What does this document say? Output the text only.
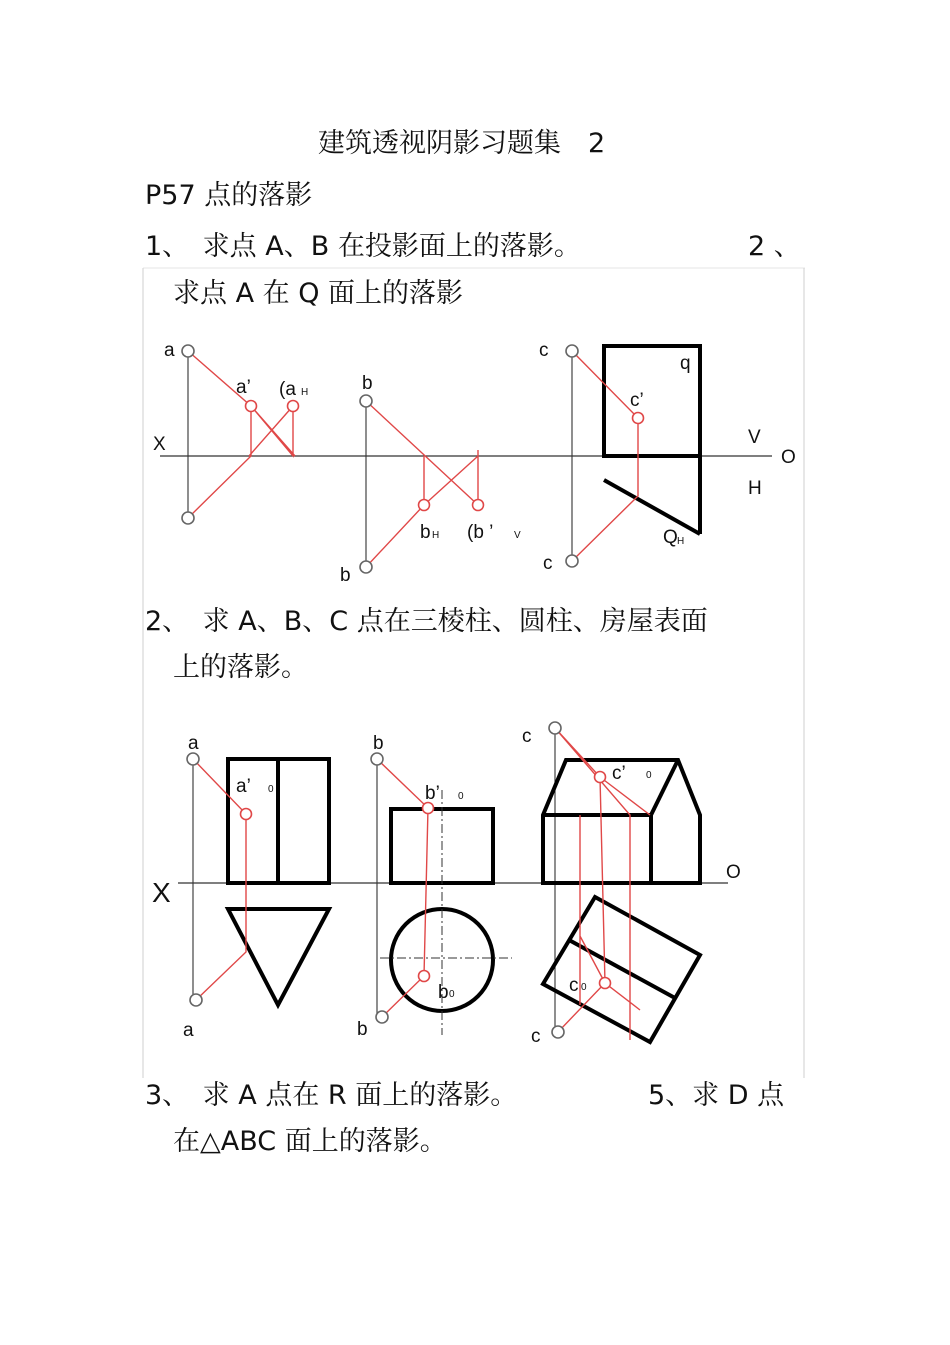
建筑透视阴影习题集　2
P57 点的落影
1、　求点 A、B 在投影面上的落影。	2 、
求点 A 在 Q 面上的落影
2、　求 A、B、C 点在三棱柱、圆柱、房屋表面
上的落影。
3、　求 A 点在 R 面上的落影。	5、求 D 点
在△ABC 面上的落影。
a
a’ (a H
X
b
b H (b ’ V
b
c
q
c’
V
O
H
Q H
c
a
a’ 0
X
a
b
b’ 0
b 0
b
c
c’ 0
O
c 0
c
